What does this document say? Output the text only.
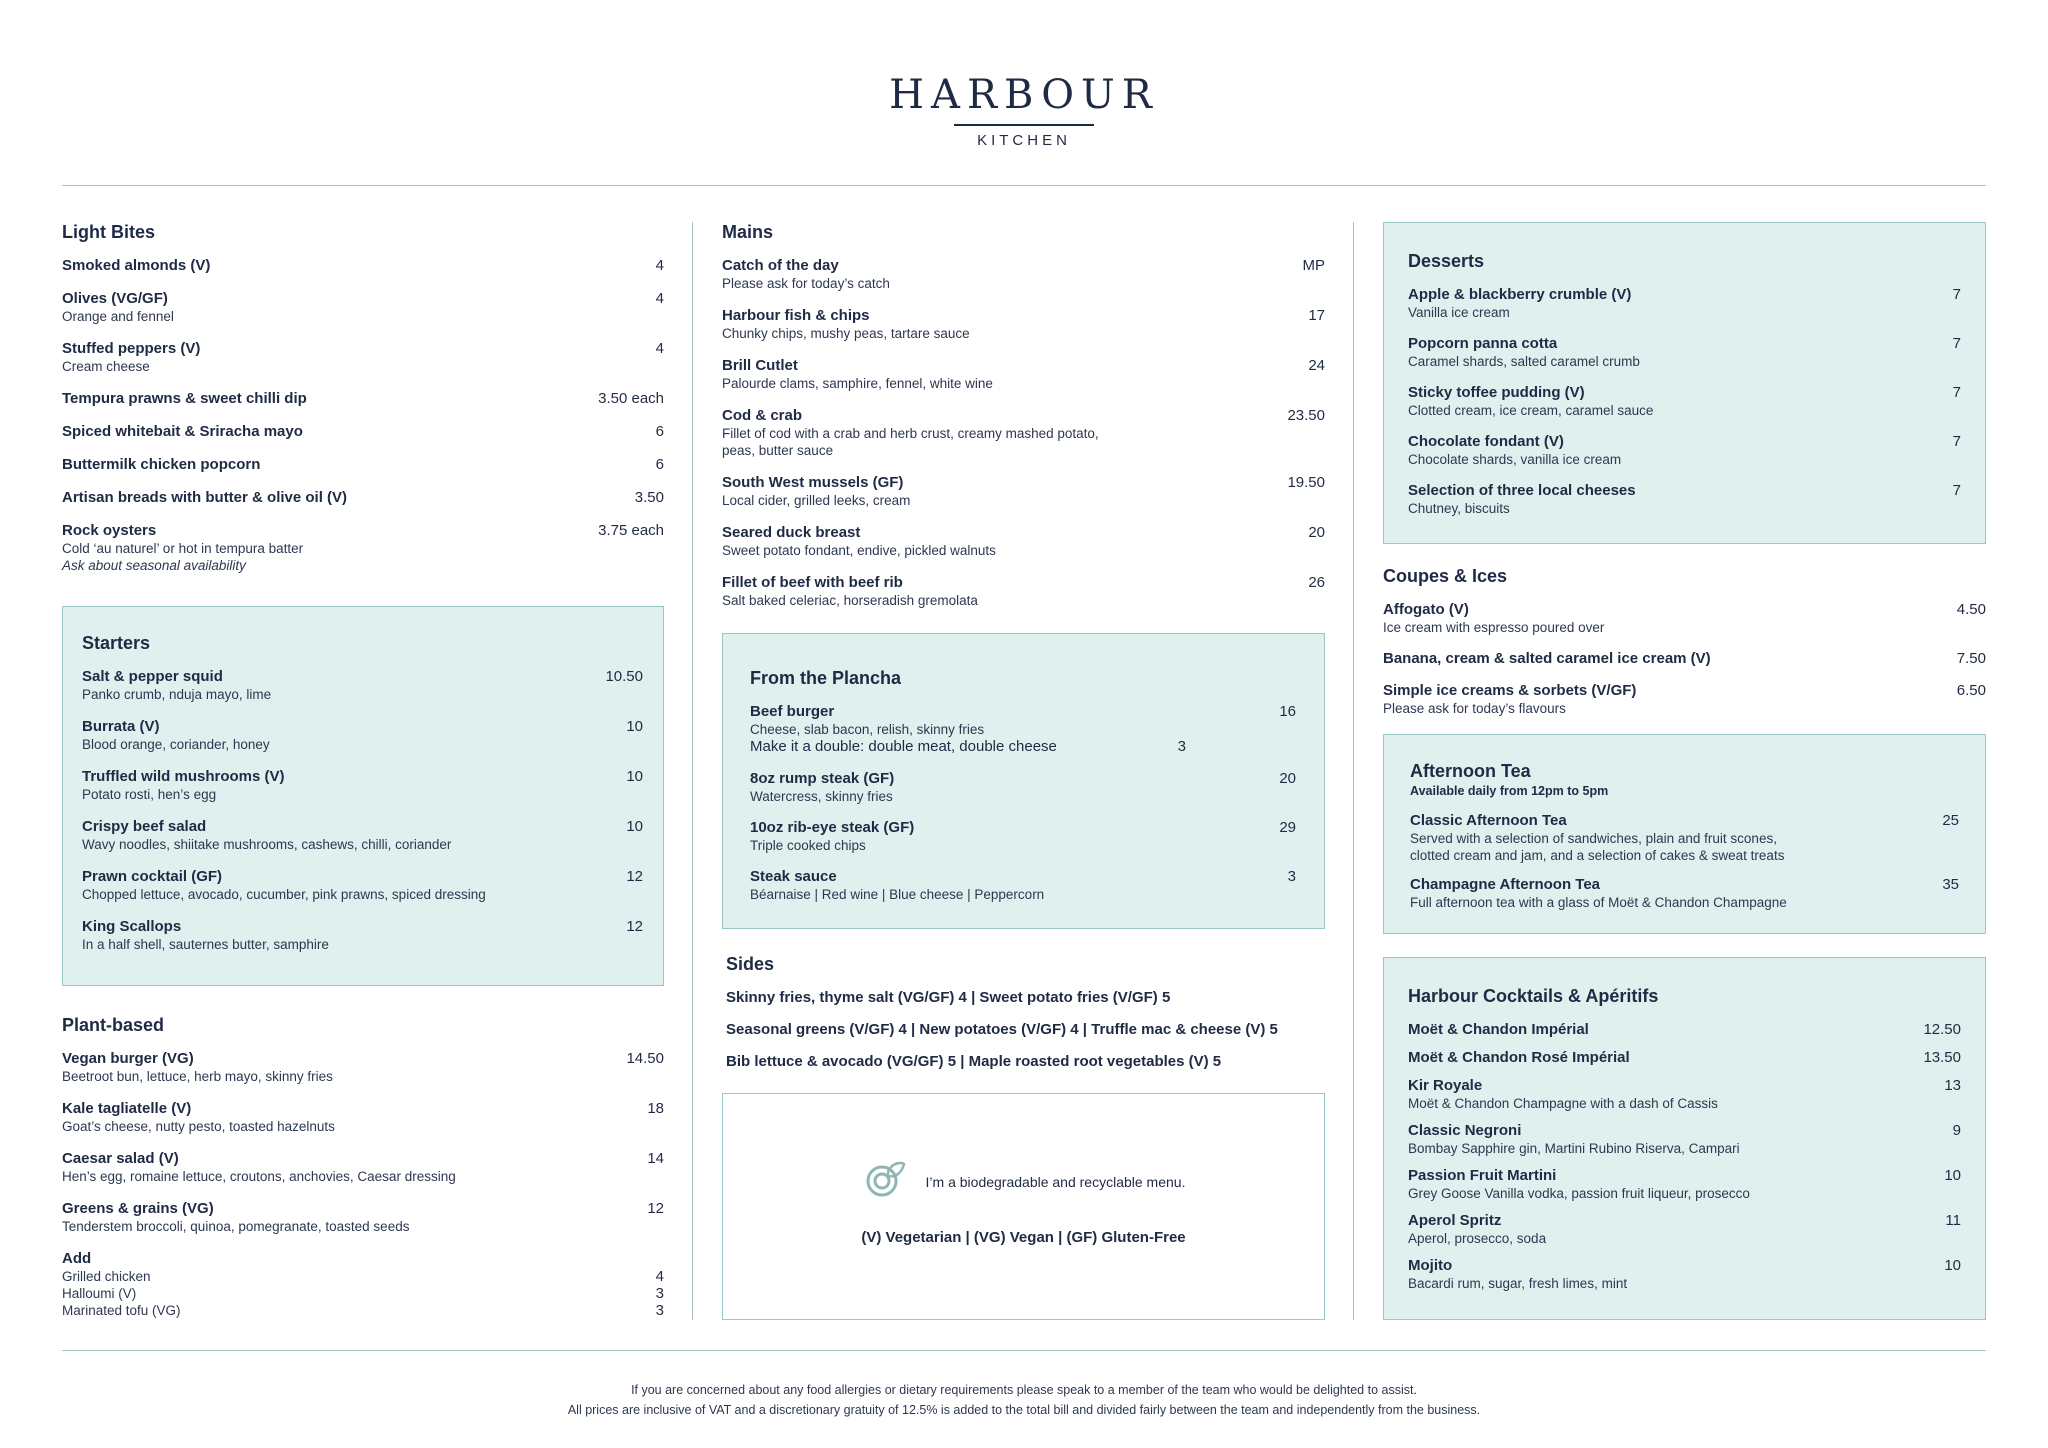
HARBOUR
KITCHEN
Light Bites
Smoked almonds (V)	4
Olives (VG/GF)	4
Orange and fennel
Stuffed peppers (V)	4
Cream cheese
Tempura prawns & sweet chilli dip	3.50 each
Spiced whitebait & Sriracha mayo	6
Buttermilk chicken popcorn	6
Artisan breads with butter & olive oil (V)	3.50
Rock oysters	3.75 each
Cold ‘au naturel’ or hot in tempura batter
Ask about seasonal availability
Starters
Salt & pepper squid	10.50
Panko crumb, nduja mayo, lime
Burrata (V)	10
Blood orange, coriander, honey
Truffled wild mushrooms (V)	10
Potato rosti, hen’s egg
Crispy beef salad	10
Wavy noodles, shiitake mushrooms, cashews, chilli, coriander
Prawn cocktail (GF)	12
Chopped lettuce, avocado, cucumber, pink prawns, spiced dressing
King Scallops	12
In a half shell, sauternes butter, samphire
Plant-based
Vegan burger (VG)	14.50
Beetroot bun, lettuce, herb mayo, skinny fries
Kale tagliatelle (V)	18
Goat’s cheese, nutty pesto, toasted hazelnuts
Caesar salad (V)	14
Hen’s egg, romaine lettuce, croutons, anchovies, Caesar dressing
Greens & grains (VG)	12
Tenderstem broccoli, quinoa, pomegranate, toasted seeds
Add
Grilled chicken	4
Halloumi (V)	3
Marinated tofu (VG)	3
Mains
Catch of the day	MP
Please ask for today’s catch
Harbour fish & chips	17
Chunky chips, mushy peas, tartare sauce
Brill Cutlet	24
Palourde clams, samphire, fennel, white wine
Cod & crab	23.50
Fillet of cod with a crab and herb crust, creamy mashed potato,
peas, butter sauce
South West mussels (GF)	19.50
Local cider, grilled leeks, cream
Seared duck breast	20
Sweet potato fondant, endive, pickled walnuts
Fillet of beef with beef rib	26
Salt baked celeriac, horseradish gremolata
From the Plancha
Beef burger	16
Cheese, slab bacon, relish, skinny fries
Make it a double: double meat, double cheese	3
8oz rump steak (GF)	20
Watercress, skinny fries
10oz rib-eye steak (GF)	29
Triple cooked chips
Steak sauce	3
Béarnaise | Red wine | Blue cheese | Peppercorn
Sides
Skinny fries, thyme salt (VG/GF) 4 | Sweet potato fries (V/GF) 5
Seasonal greens (V/GF) 4 | New potatoes (V/GF) 4 | Truffle mac & cheese (V) 5
Bib lettuce & avocado (VG/GF) 5 | Maple roasted root vegetables (V) 5
I’m a biodegradable and recyclable menu.
(V) Vegetarian | (VG) Vegan | (GF) Gluten-Free
Desserts
Apple & blackberry crumble (V)	7
Vanilla ice cream
Popcorn panna cotta	7
Caramel shards, salted caramel crumb
Sticky toffee pudding (V)	7
Clotted cream, ice cream, caramel sauce
Chocolate fondant (V)	7
Chocolate shards, vanilla ice cream
Selection of three local cheeses	7
Chutney, biscuits
Coupes & Ices
Affogato (V)	4.50
Ice cream with espresso poured over
Banana, cream & salted caramel ice cream (V)	7.50
Simple ice creams & sorbets (V/GF)	6.50
Please ask for today’s flavours
Afternoon Tea
Available daily from 12pm to 5pm
Classic Afternoon Tea	25
Served with a selection of sandwiches, plain and fruit scones,
clotted cream and jam, and a selection of cakes & sweat treats
Champagne Afternoon Tea	35
Full afternoon tea with a glass of Moët & Chandon Champagne
Harbour Cocktails & Apéritifs
Moët & Chandon Impérial	12.50
Moët & Chandon Rosé Impérial	13.50
Kir Royale	13
Moët & Chandon Champagne with a dash of Cassis
Classic Negroni	9
Bombay Sapphire gin, Martini Rubino Riserva, Campari
Passion Fruit Martini	10
Grey Goose Vanilla vodka, passion fruit liqueur, prosecco
Aperol Spritz	11
Aperol, prosecco, soda
Mojito	10
Bacardi rum, sugar, fresh limes, mint
If you are concerned about any food allergies or dietary requirements please speak to a member of the team who would be delighted to assist.
All prices are inclusive of VAT and a discretionary gratuity of 12.5% is added to the total bill and divided fairly between the team and independently from the business.
